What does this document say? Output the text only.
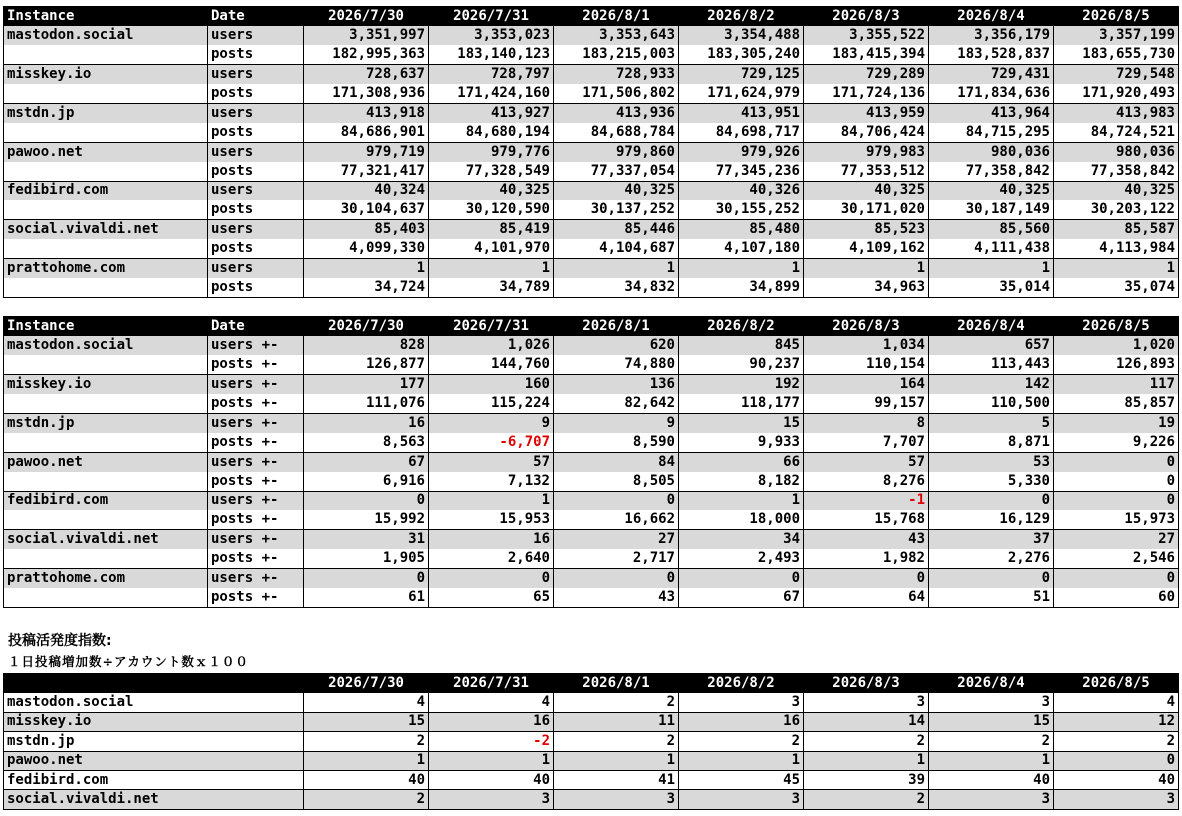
Instance	Date	2026/7/30	2026/7/31	2026/8/1	2026/8/2	2026/8/3	2026/8/4	2026/8/5
mastodon.social	users	3,351,997	3,353,023	3,353,643	3,354,488	3,355,522	3,356,179	3,357,199
	posts	182,995,363	183,140,123	183,215,003	183,305,240	183,415,394	183,528,837	183,655,730
misskey.io	users	728,637	728,797	728,933	729,125	729,289	729,431	729,548
	posts	171,308,936	171,424,160	171,506,802	171,624,979	171,724,136	171,834,636	171,920,493
mstdn.jp	users	413,918	413,927	413,936	413,951	413,959	413,964	413,983
	posts	84,686,901	84,680,194	84,688,784	84,698,717	84,706,424	84,715,295	84,724,521
pawoo.net	users	979,719	979,776	979,860	979,926	979,983	980,036	980,036
	posts	77,321,417	77,328,549	77,337,054	77,345,236	77,353,512	77,358,842	77,358,842
fedibird.com	users	40,324	40,325	40,325	40,326	40,325	40,325	40,325
	posts	30,104,637	30,120,590	30,137,252	30,155,252	30,171,020	30,187,149	30,203,122
social.vivaldi.net	users	85,403	85,419	85,446	85,480	85,523	85,560	85,587
	posts	4,099,330	4,101,970	4,104,687	4,107,180	4,109,162	4,111,438	4,113,984
prattohome.com	users	1	1	1	1	1	1	1
	posts	34,724	34,789	34,832	34,899	34,963	35,014	35,074
Instance	Date	2026/7/30	2026/7/31	2026/8/1	2026/8/2	2026/8/3	2026/8/4	2026/8/5
mastodon.social	users +-	828	1,026	620	845	1,034	657	1,020
	posts +-	126,877	144,760	74,880	90,237	110,154	113,443	126,893
misskey.io	users +-	177	160	136	192	164	142	117
	posts +-	111,076	115,224	82,642	118,177	99,157	110,500	85,857
mstdn.jp	users +-	16	9	9	15	8	5	19
	posts +-	8,563	-6,707	8,590	9,933	7,707	8,871	9,226
pawoo.net	users +-	67	57	84	66	57	53	0
	posts +-	6,916	7,132	8,505	8,182	8,276	5,330	0
fedibird.com	users +-	0	1	0	1	-1	0	0
	posts +-	15,992	15,953	16,662	18,000	15,768	16,129	15,973
social.vivaldi.net	users +-	31	16	27	34	43	37	27
	posts +-	1,905	2,640	2,717	2,493	1,982	2,276	2,546
prattohome.com	users +-	0	0	0	0	0	0	0
	posts +-	61	65	43	67	64	51	60
投稿活発度指数:
１日投稿増加数÷アカウント数ｘ１００
	2026/7/30	2026/7/31	2026/8/1	2026/8/2	2026/8/3	2026/8/4	2026/8/5
mastodon.social	4	4	2	3	3	3	4
misskey.io	15	16	11	16	14	15	12
mstdn.jp	2	-2	2	2	2	2	2
pawoo.net	1	1	1	1	1	1	0
fedibird.com	40	40	41	45	39	40	40
social.vivaldi.net	2	3	3	3	2	3	3
